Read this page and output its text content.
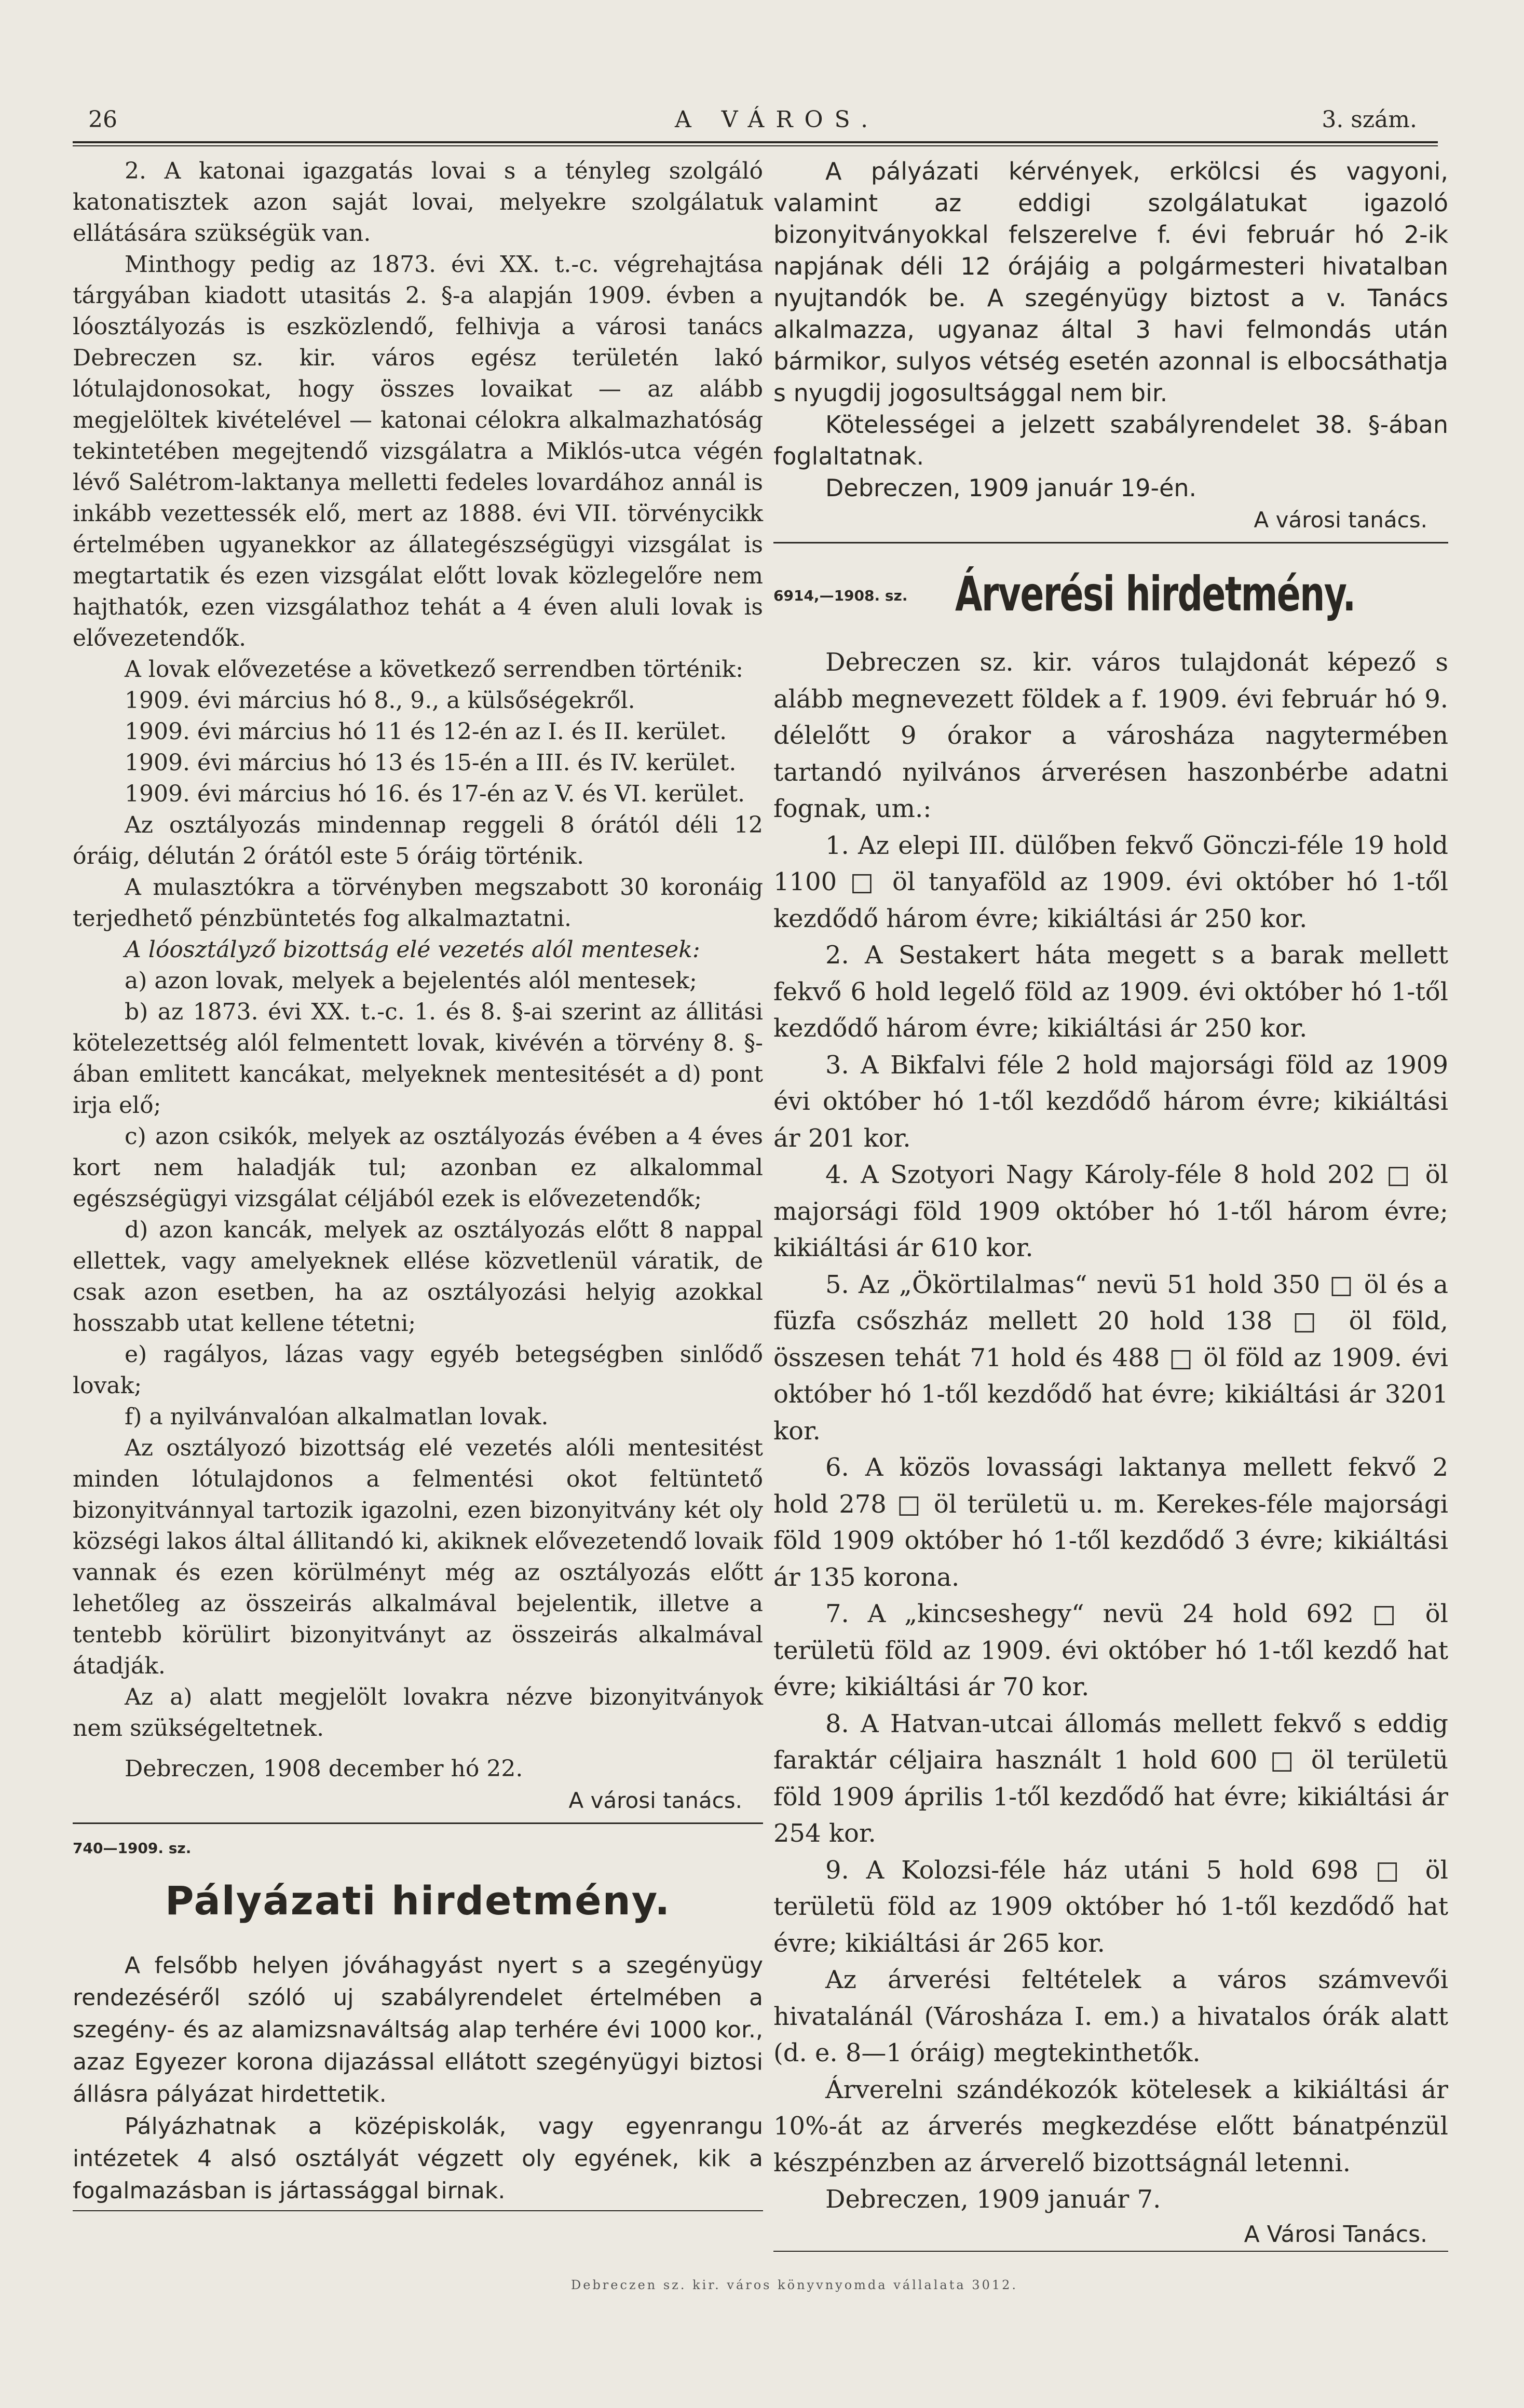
26	A VÁROS.	3. szám.

2. A katonai igazgatás lovai s a tényleg szolgáló katonatisztek azon saját lovai, melyekre szolgálatuk ellátására szükségük van.

Minthogy pedig az 1873. évi XX. t.-c. végrehajtása tárgyában kiadott utasitás 2. §-a alapján 1909. évben a lóosztályozás is eszközlendő, felhivja a városi tanács Debreczen sz. kir. város egész területén lakó lótulajdonosokat, hogy összes lovaikat — az alább megjelöltek kivételével — katonai célokra alkalmazhatóság tekintetében megejtendő vizsgálatra a Miklós-utca végén lévő Salétrom-laktanya melletti fedeles lovardához annál is inkább vezettessék elő, mert az 1888. évi VII. törvénycikk értelmében ugyanekkor az állategészségügyi vizsgálat is megtartatik és ezen vizsgálat előtt lovak közlegelőre nem hajthatók, ezen vizsgálathoz tehát a 4 éven aluli lovak is elővezetendők.

A lovak elővezetése a következő serrendben történik:

1909. évi március hó 8., 9., a külsőségekről.

1909. évi március hó 11 és 12-én az I. és II. kerület.

1909. évi március hó 13 és 15-én a III. és IV. kerület.

1909. évi március hó 16. és 17-én az V. és VI. kerület.

Az osztályozás mindennap reggeli 8 órától déli 12 óráig, délután 2 órától este 5 óráig történik.

A mulasztókra a törvényben megszabott 30 koronáig terjedhető pénzbüntetés fog alkalmaztatni.

A lóosztályző bizottság elé vezetés alól mentesek:

a) azon lovak, melyek a bejelentés alól mentesek;

b) az 1873. évi XX. t.-c. 1. és 8. §-ai szerint az állitási kötelezettség alól felmentett lovak, kivévén a törvény 8. §-ában emlitett kancákat, melyeknek mentesitését a d) pont irja elő;

c) azon csikók, melyek az osztályozás évében a 4 éves kort nem haladják tul; azonban ez alkalommal egészségügyi vizsgálat céljából ezek is elővezetendők;

d) azon kancák, melyek az osztályozás előtt 8 nappal ellettek, vagy amelyeknek ellése közvetlenül váratik, de csak azon esetben, ha az osztályozási helyig azokkal hosszabb utat kellene tétetni;

e) ragályos, lázas vagy egyéb betegségben sinlődő lovak;

f) a nyilvánvalóan alkalmatlan lovak.

Az osztályozó bizottság elé vezetés alóli mentesitést minden lótulajdonos a felmentési okot feltüntető bizonyitvánnyal tartozik igazolni, ezen bizonyitvány két oly községi lakos által állitandó ki, akiknek elővezetendő lovaik vannak és ezen körülményt még az osztályozás előtt lehetőleg az összeirás alkalmával bejelentik, illetve a tentebb körülirt bizonyitványt az összeirás alkalmával átadják.

Az a) alatt megjelölt lovakra nézve bizonyitványok nem szükségeltetnek.

Debreczen, 1908 december hó 22.

A városi tanács.

740—1909. sz.

Pályázati hirdetmény.

A felsőbb helyen jóváhagyást nyert s a szegényügy rendezéséről szóló uj szabályrendelet értelmében a szegény- és az alamizsnaváltság alap terhére évi 1000 kor., azaz Egyezer korona dijazással ellátott szegényügyi biztosi állásra pályázat hirdettetik.

Pályázhatnak a középiskolák, vagy egyenrangu intézetek 4 alsó osztályát végzett oly egyének, kik a fogalmazásban is jártassággal birnak.

A pályázati kérvények, erkölcsi és vagyoni, valamint az eddigi szolgálatukat igazoló bizonyitványokkal felszerelve f. évi február hó 2-ik napjának déli 12 órájáig a polgármesteri hivatalban nyujtandók be. A szegényügy biztost a v. Tanács alkalmazza, ugyanaz által 3 havi felmondás után bármikor, sulyos vétség esetén azonnal is elbocsáthatja s nyugdij jogosultsággal nem bir.

Kötelességei a jelzett szabályrendelet 38. §-ában foglaltatnak.

Debreczen, 1909 január 19-én.

A városi tanács.

6914,—1908. sz. Árverési hirdetmény.

Debreczen sz. kir. város tulajdonát képező s alább megnevezett földek a f. 1909. évi február hó 9. délelőtt 9 órakor a városháza nagytermében tartandó nyilvános árverésen haszonbérbe adatni fognak, um.:

1. Az elepi III. dülőben fekvő Gönczi-féle 19 hold 1100 □ öl tanyaföld az 1909. évi október hó 1-től kezdődő három évre; kikiáltási ár 250 kor.

2. A Sestakert háta megett s a barak mellett fekvő 6 hold legelő föld az 1909. évi október hó 1-től kezdődő három évre; kikiáltási ár 250 kor.

3. A Bikfalvi féle 2 hold majorsági föld az 1909 évi október hó 1-től kezdődő három évre; kikiáltási ár 201 kor.

4. A Szotyori Nagy Károly-féle 8 hold 202 □ öl majorsági föld 1909 október hó 1-től három évre; kikiáltási ár 610 kor.

5. Az „Ökörtilalmas“ nevü 51 hold 350 □ öl és a füzfa csőszház mellett 20 hold 138 □ öl föld, összesen tehát 71 hold és 488 □ öl föld az 1909. évi október hó 1-től kezdődő hat évre; kikiáltási ár 3201 kor.

6. A közös lovassági laktanya mellett fekvő 2 hold 278 □ öl területü u. m. Kerekes-féle majorsági föld 1909 október hó 1-től kezdődő 3 évre; kikiáltási ár 135 korona.

7. A „kincseshegy“ nevü 24 hold 692 □ öl területü föld az 1909. évi október hó 1-től kezdő hat évre; kikiáltási ár 70 kor.

8. A Hatvan-utcai állomás mellett fekvő s eddig faraktár céljaira használt 1 hold 600 □ öl területü föld 1909 április 1-től kezdődő hat évre; kikiáltási ár 254 kor.

9. A Kolozsi-féle ház utáni 5 hold 698 □ öl területü föld az 1909 október hó 1-től kezdődő hat évre; kikiáltási ár 265 kor.

Az árverési feltételek a város számvevői hivatalánál (Városháza I. em.) a hivatalos órák alatt (d. e. 8—1 óráig) megtekinthetők.

Árverelni szándékozók kötelesek a kikiáltási ár 10%-át az árverés megkezdése előtt bánatpénzül készpénzben az árverelő bizottságnál letenni.

Debreczen, 1909 január 7.

A Városi Tanács.

Debreczen sz. kir. város könyvnyomda vállalata 3012.
